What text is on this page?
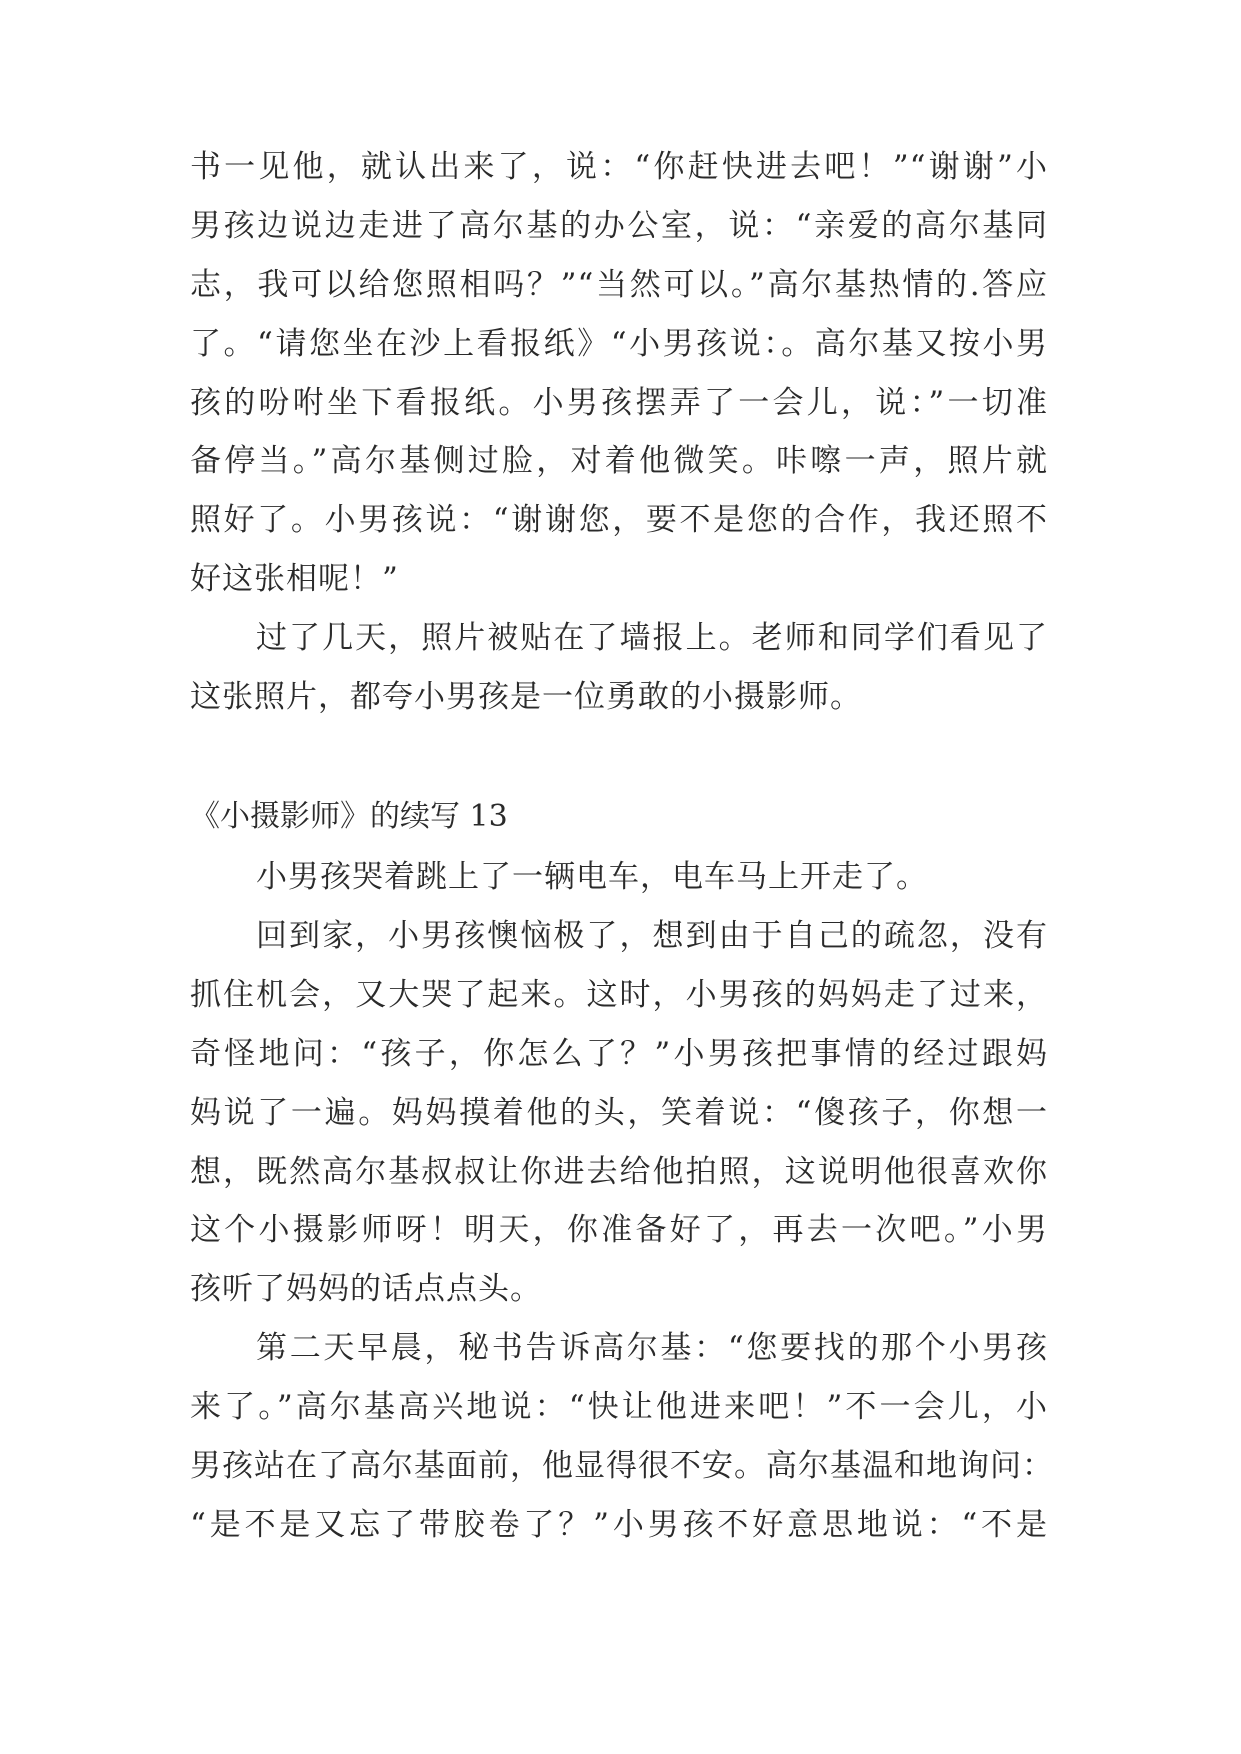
书一见他，就认出来了，说：“你赶快进去吧！”“谢谢”小
男孩边说边走进了高尔基的办公室，说：“亲爱的高尔基同
志，我可以给您照相吗？”“当然可以。”高尔基热情的.答应
了。“请您坐在沙上看报纸》“小男孩说：。高尔基又按小男
孩的吩咐坐下看报纸。小男孩摆弄了一会儿，说：”一切准
备停当。”高尔基侧过脸，对着他微笑。咔嚓一声，照片就
照好了。小男孩说：“谢谢您，要不是您的合作，我还照不
好这张相呢！”
过了几天，照片被贴在了墙报上。老师和同学们看见了
这张照片，都夸小男孩是一位勇敢的小摄影师。
《小摄影师》的续写 13
小男孩哭着跳上了一辆电车，电车马上开走了。
回到家，小男孩懊恼极了，想到由于自己的疏忽，没有
抓住机会，又大哭了起来。这时，小男孩的妈妈走了过来，
奇怪地问：“孩子，你怎么了？”小男孩把事情的经过跟妈
妈说了一遍。妈妈摸着他的头，笑着说：“傻孩子，你想一
想，既然高尔基叔叔让你进去给他拍照，这说明他很喜欢你
这个小摄影师呀！明天，你准备好了，再去一次吧。”小男
孩听了妈妈的话点点头。
第二天早晨，秘书告诉高尔基：“您要找的那个小男孩
来了。”高尔基高兴地说：“快让他进来吧！”不一会儿，小
男孩站在了高尔基面前，他显得很不安。高尔基温和地询问：
“是不是又忘了带胶卷了？”小男孩不好意思地说：“不是
